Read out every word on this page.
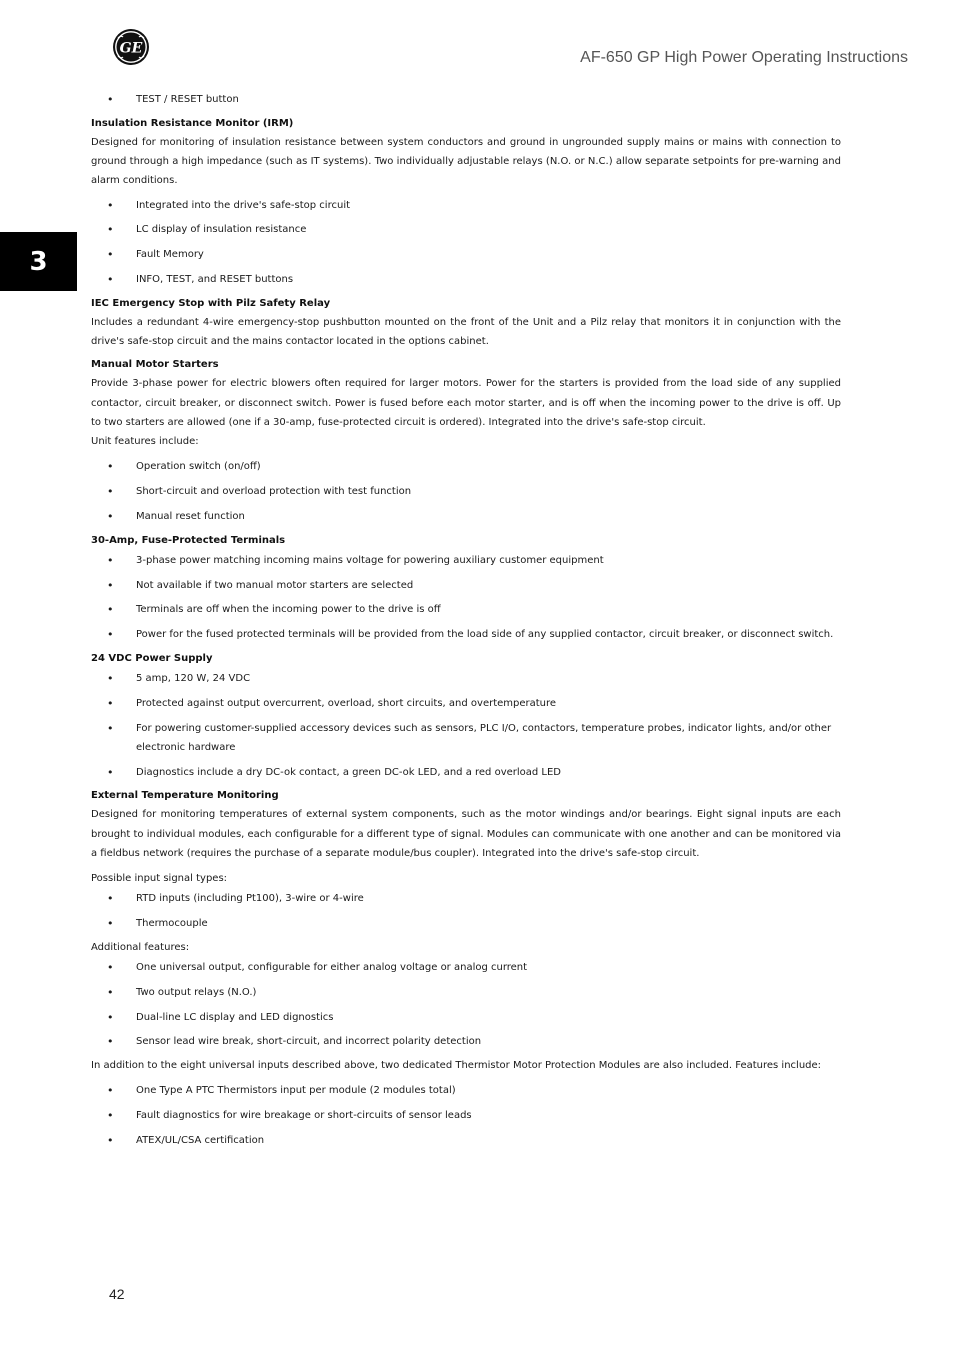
GE
AF-650 GP High Power Operating Instructions
3
• TEST / RESET button
Insulation Resistance Monitor (IRM)

Designed for monitoring of insulation resistance between system conductors and ground in ungrounded supply mains or mains with connection to ground through a high impedance (such as IT systems). Two individually adjustable relays (N.O. or N.C.) allow separate setpoints for pre-warning and alarm conditions.

• Integrated into the drive's safe-stop circuit
• LC display of insulation resistance
• Fault Memory
• INFO, TEST, and RESET buttons
IEC Emergency Stop with Pilz Safety Relay

Includes a redundant 4-wire emergency-stop pushbutton mounted on the front of the Unit and a Pilz relay that monitors it in conjunction with the drive's safe-stop circuit and the mains contactor located in the options cabinet.

Manual Motor Starters

Provide 3-phase power for electric blowers often required for larger motors. Power for the starters is provided from the load side of any supplied contactor, circuit breaker, or disconnect switch. Power is fused before each motor starter, and is off when the incoming power to the drive is off. Up to two starters are allowed (one if a 30-amp, fuse-protected circuit is ordered). Integrated into the drive's safe-stop circuit.

Unit features include:

• Operation switch (on/off)
• Short-circuit and overload protection with test function
• Manual reset function
30-Amp, Fuse-Protected Terminals
• 3-phase power matching incoming mains voltage for powering auxiliary customer equipment
• Not available if two manual motor starters are selected
• Terminals are off when the incoming power to the drive is off
• Power for the fused protected terminals will be provided from the load side of any supplied contactor, circuit breaker, or disconnect switch.
24 VDC Power Supply
• 5 amp, 120 W, 24 VDC
• Protected against output overcurrent, overload, short circuits, and overtemperature
• For powering customer-supplied accessory devices such as sensors, PLC I/O, contactors, temperature probes, indicator lights, and/or other electronic hardware
• Diagnostics include a dry DC-ok contact, a green DC-ok LED, and a red overload LED
External Temperature Monitoring

Designed for monitoring temperatures of external system components, such as the motor windings and/or bearings. Eight signal inputs are each brought to individual modules, each configurable for a different type of signal. Modules can communicate with one another and can be monitored via a fieldbus network (requires the purchase of a separate module/bus coupler). Integrated into the drive's safe-stop circuit.

Possible input signal types:

• RTD inputs (including Pt100), 3-wire or 4-wire
• Thermocouple

Additional features:

• One universal output, configurable for either analog voltage or analog current
• Two output relays (N.O.)
• Dual-line LC display and LED dignostics
• Sensor lead wire break, short-circuit, and incorrect polarity detection

In addition to the eight universal inputs described above, two dedicated Thermistor Motor Protection Modules are also included. Features include:

• One Type A PTC Thermistors input per module (2 modules total)
• Fault diagnostics for wire breakage or short-circuits of sensor leads
• ATEX/UL/CSA certification
42
